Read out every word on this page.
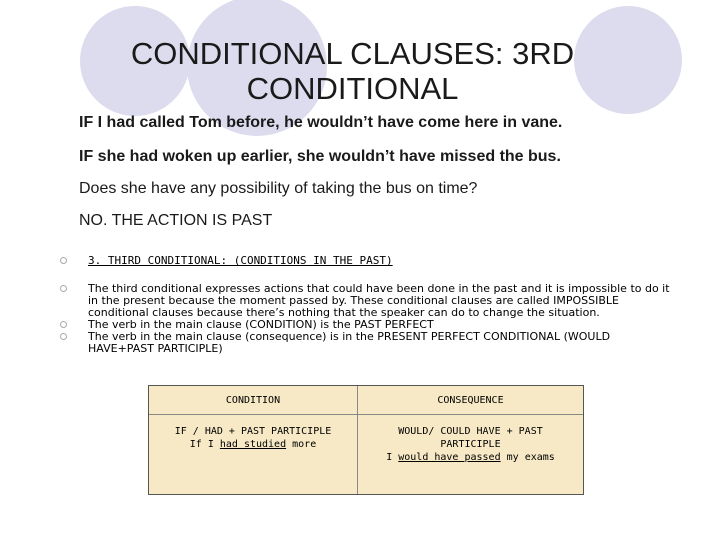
CONDITIONAL CLAUSES: 3RD CONDITIONAL
IF I had called Tom before, he wouldn’t have come here in vane.
IF she had woken up earlier, she wouldn’t have missed the bus.
Does she have any possibility of taking the bus on time?
NO. THE ACTION IS PAST
3. THIRD CONDITIONAL: (CONDITIONS IN THE PAST)
The third conditional expresses actions that could have been done in the past and it is impossible to do it in the present because the moment passed by. These conditional clauses are called IMPOSSIBLE conditional clauses because there’s nothing that the speaker can do to change the situation.
The verb in the main clause (CONDITION) is the PAST PERFECT
The verb in the main clause (consequence) is in the PRESENT PERFECT CONDITIONAL (WOULD HAVE+PAST PARTICIPLE)
CONDITION	CONSEQUENCE
IF / HAD + PAST PARTICIPLE
If I had studied more
WOULD/ COULD HAVE + PAST
PARTICIPLE
I would have passed my exams
